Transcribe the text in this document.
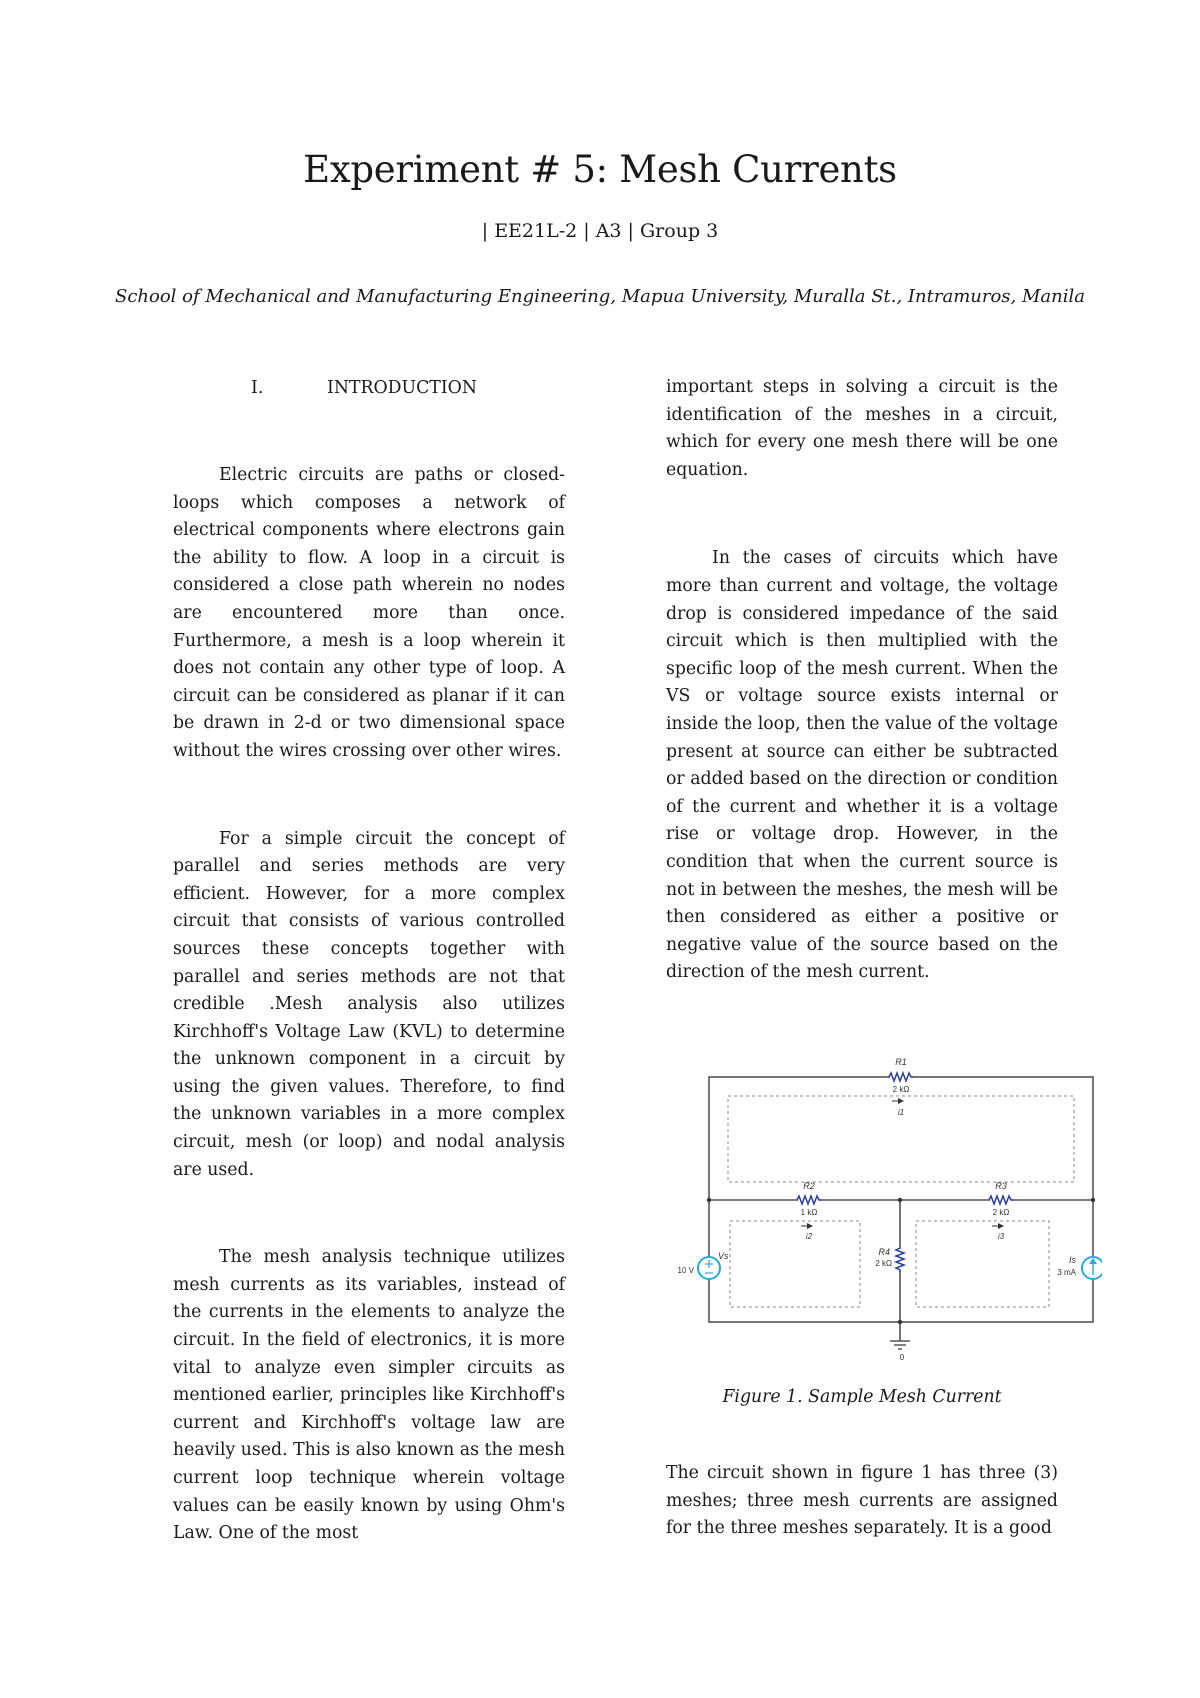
Experiment # 5: Mesh Currents
| EE21L-2 | A3 | Group 3
School of Mechanical and Manufacturing Engineering, Mapua University, Muralla St., Intramuros, Manila
I.	INTRODUCTION

Electric circuits are paths or closed-loops which composes a network of electrical components where electrons gain the ability to flow. A loop in a circuit is considered a close path wherein no nodes are encountered more than once. Furthermore, a mesh is a loop wherein it does not contain any other type of loop. A circuit can be considered as planar if it can be drawn in 2-d or two dimensional space without the wires crossing over other wires.

For a simple circuit the concept of parallel and series methods are very efficient. However, for a more complex circuit that consists of various controlled sources these concepts together with parallel and series methods are not that credible .Mesh analysis also utilizes Kirchhoff's Voltage Law (KVL) to determine the unknown component in a circuit by using the given values. Therefore, to find the unknown variables in a more complex circuit, mesh (or loop) and nodal analysis are used.

The mesh analysis technique utilizes mesh currents as its variables, instead of the currents in the elements to analyze the circuit. In the field of electronics, it is more vital to analyze even simpler circuits as mentioned earlier, principles like Kirchhoff's current and Kirchhoff's voltage law are heavily used. This is also known as the mesh current loop technique wherein voltage values can be easily known by using Ohm's Law. One of the most

important steps in solving a circuit is the identification of the meshes in a circuit, which for every one mesh there will be one equation.

In the cases of circuits which have more than current and voltage, the voltage drop is considered impedance of the said circuit which is then multiplied with the specific loop of the mesh current. When the VS or voltage source exists internal or inside the loop, then the value of the voltage present at source can either be subtracted or added based on the direction or condition of the current and whether it is a voltage rise or voltage drop. However, in the condition that when the current source is not in between the meshes, the mesh will be then considered as either a positive or negative value of the source based on the direction of the mesh current.

R1
2 kΩ
i1
R2
1 kΩ
i2
R3
2 kΩ
i3
R4
2 kΩ
Vs
10 V
Is
3 mA
0
Figure 1. Sample Mesh Current

The circuit shown in figure 1 has three (3) meshes; three mesh currents are assigned for the three meshes separately. It is a good
